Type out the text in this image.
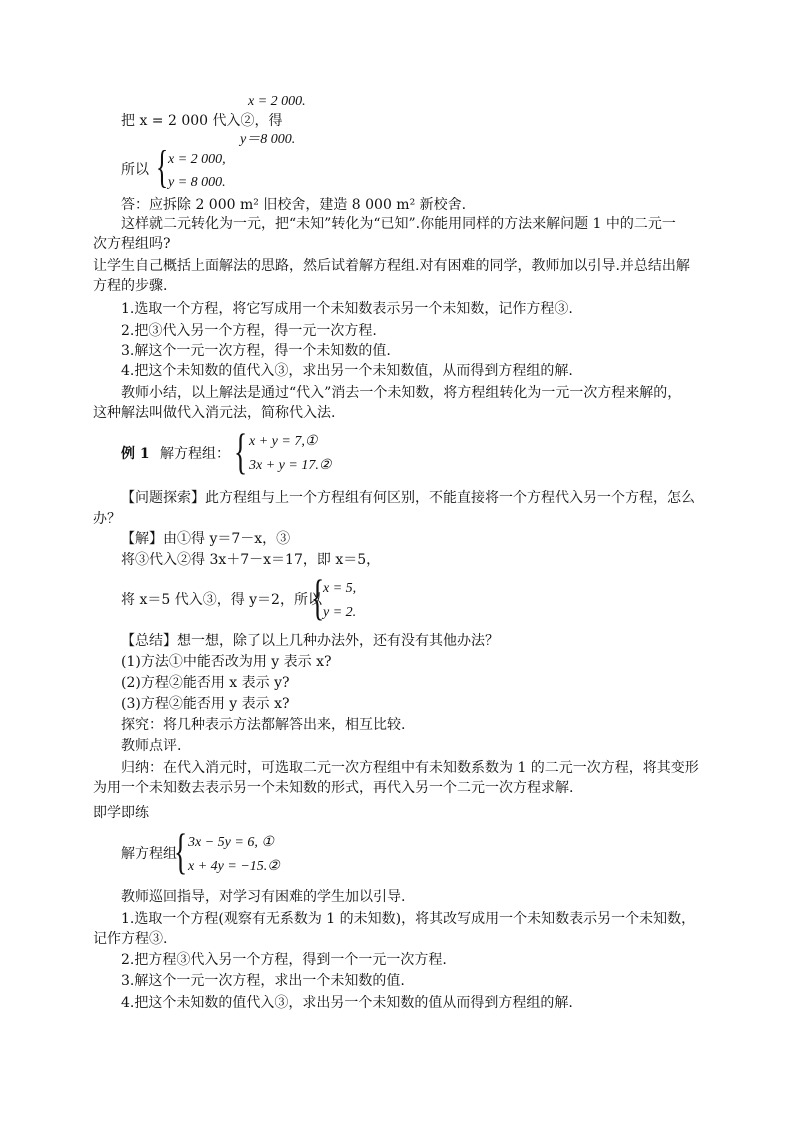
x = 2 000.
把 x = 2 000 代入②，得
y＝8 000.
所以 { x = 2 000,
y = 8 000.
答：应拆除 2 000 m² 旧校舍，建造 8 000 m² 新校舍.
这样就二元转化为一元，把“未知”转化为“已知”.你能用同样的方法来解问题 1 中的二元一
次方程组吗?
让学生自己概括上面解法的思路，然后试着解方程组.对有困难的同学，教师加以引导.并总结出解
方程的步骤.
1.选取一个方程，将它写成用一个未知数表示另一个未知数，记作方程③.
2.把③代入另一个方程，得一元一次方程.
3.解这个一元一次方程，得一个未知数的值.
4.把这个未知数的值代入③，求出另一个未知数值，从而得到方程组的解.
教师小结，以上解法是通过“代入”消去一个未知数，将方程组转化为一元一次方程来解的，
这种解法叫做代入消元法，简称代入法.
例 1 解方程组： { x + y = 7,①
3x + y = 17.②
【问题探索】此方程组与上一个方程组有何区别，不能直接将一个方程代入另一个方程，怎么
办？
【解】由①得 y＝7－x，③
将③代入②得 3x＋7－x＝17，即 x＝5，
将 x＝5 代入③，得 y＝2，所以
{
x = 5,
y = 2.
【总结】想一想，除了以上几种办法外，还有没有其他办法？
(1)方法①中能否改为用 y 表示 x?
(2)方程②能否用 x 表示 y?
(3)方程②能否用 y 表示 x?
探究：将几种表示方法都解答出来，相互比较.
教师点评.
归纳：在代入消元时，可选取二元一次方程组中有未知数系数为 1 的二元一次方程，将其变形
为用一个未知数去表示另一个未知数的形式，再代入另一个二元一次方程求解.
即学即练
解方程组
{ 3x − 5y = 6, ①
x + 4y = −15.②
教师巡回指导，对学习有困难的学生加以引导.
1.选取一个方程(观察有无系数为 1 的未知数)，将其改写成用一个未知数表示另一个未知数，
记作方程③.
2.把方程③代入另一个方程，得到一个一元一次方程.
3.解这个一元一次方程，求出一个未知数的值.
4.把这个未知数的值代入③，求出另一个未知数的值从而得到方程组的解.
